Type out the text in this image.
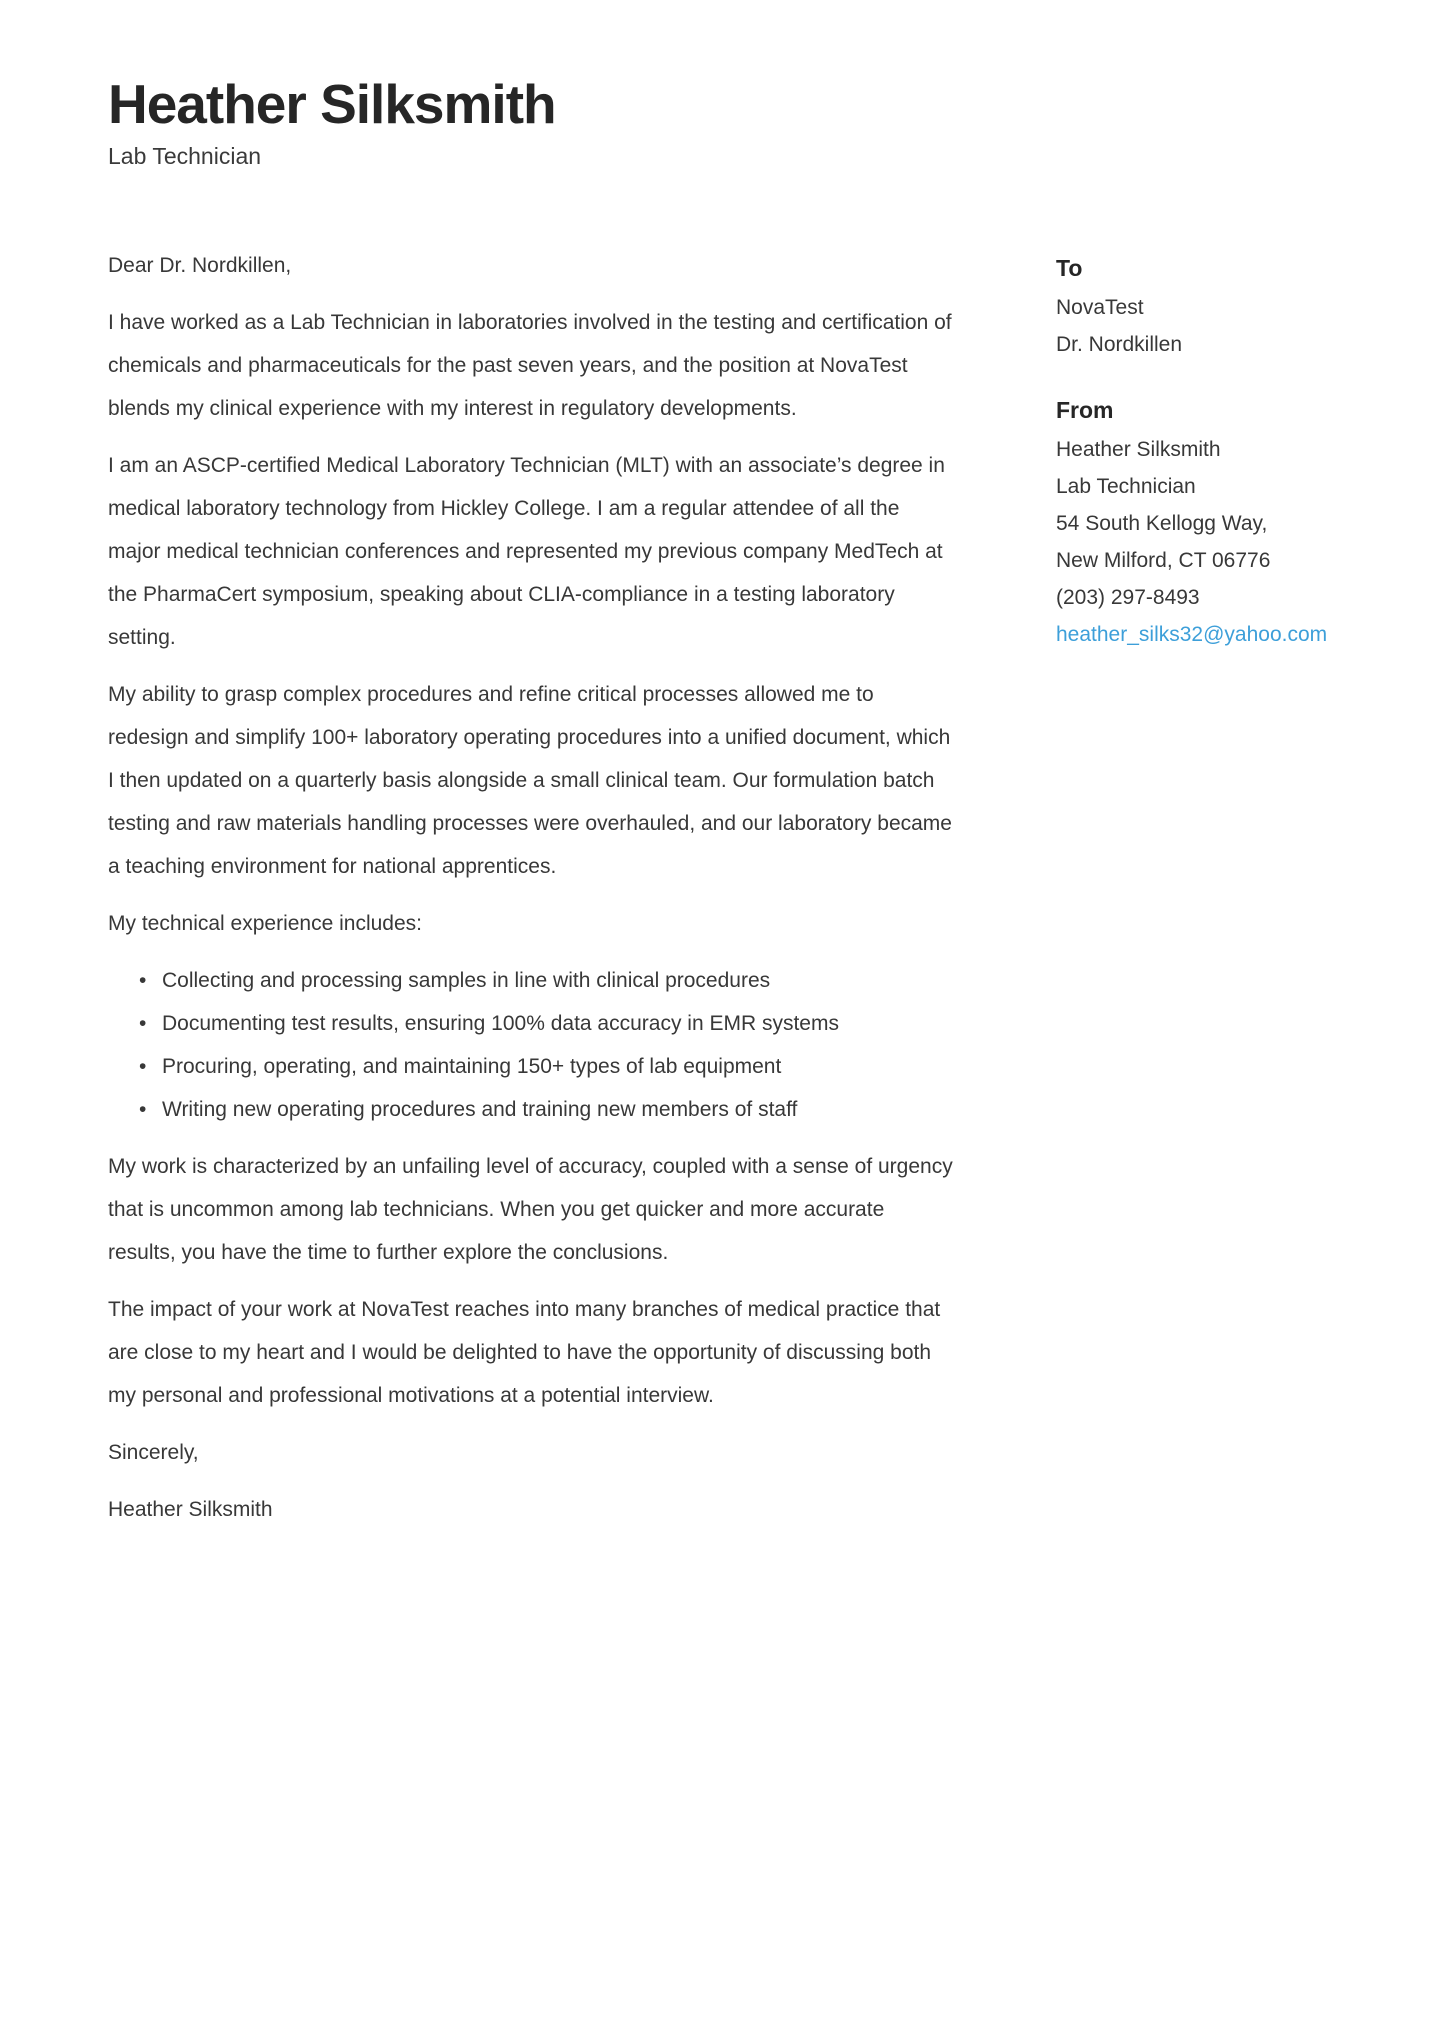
Heather Silksmith
Lab Technician

Dear Dr. Nordkillen,

I have worked as a Lab Technician in laboratories involved in the testing and certification of chemicals and pharmaceuticals for the past seven years, and the position at NovaTest blends my clinical experience with my interest in regulatory developments.

I am an ASCP-certified Medical Laboratory Technician (MLT) with an associate’s degree in medical laboratory technology from Hickley College. I am a regular attendee of all the major medical technician conferences and represented my previous company MedTech at the PharmaCert symposium, speaking about CLIA-compliance in a testing laboratory setting.

My ability to grasp complex procedures and refine critical processes allowed me to redesign and simplify 100+ laboratory operating procedures into a unified document, which I then updated on a quarterly basis alongside a small clinical team. Our formulation batch testing and raw materials handling processes were overhauled, and our laboratory became a teaching environment for national apprentices.

My technical experience includes:

• Collecting and processing samples in line with clinical procedures
• Documenting test results, ensuring 100% data accuracy in EMR systems
• Procuring, operating, and maintaining 150+ types of lab equipment
• Writing new operating procedures and training new members of staff

My work is characterized by an unfailing level of accuracy, coupled with a sense of urgency that is uncommon among lab technicians. When you get quicker and more accurate results, you have the time to further explore the conclusions.

The impact of your work at NovaTest reaches into many branches of medical practice that are close to my heart and I would be delighted to have the opportunity of discussing both my personal and professional motivations at a potential interview.

Sincerely,

Heather Silksmith

To
NovaTest
Dr. Nordkillen
From
Heather Silksmith
Lab Technician
54 South Kellogg Way,
New Milford, CT 06776
(203) 297-8493
heather_silks32@yahoo.com
